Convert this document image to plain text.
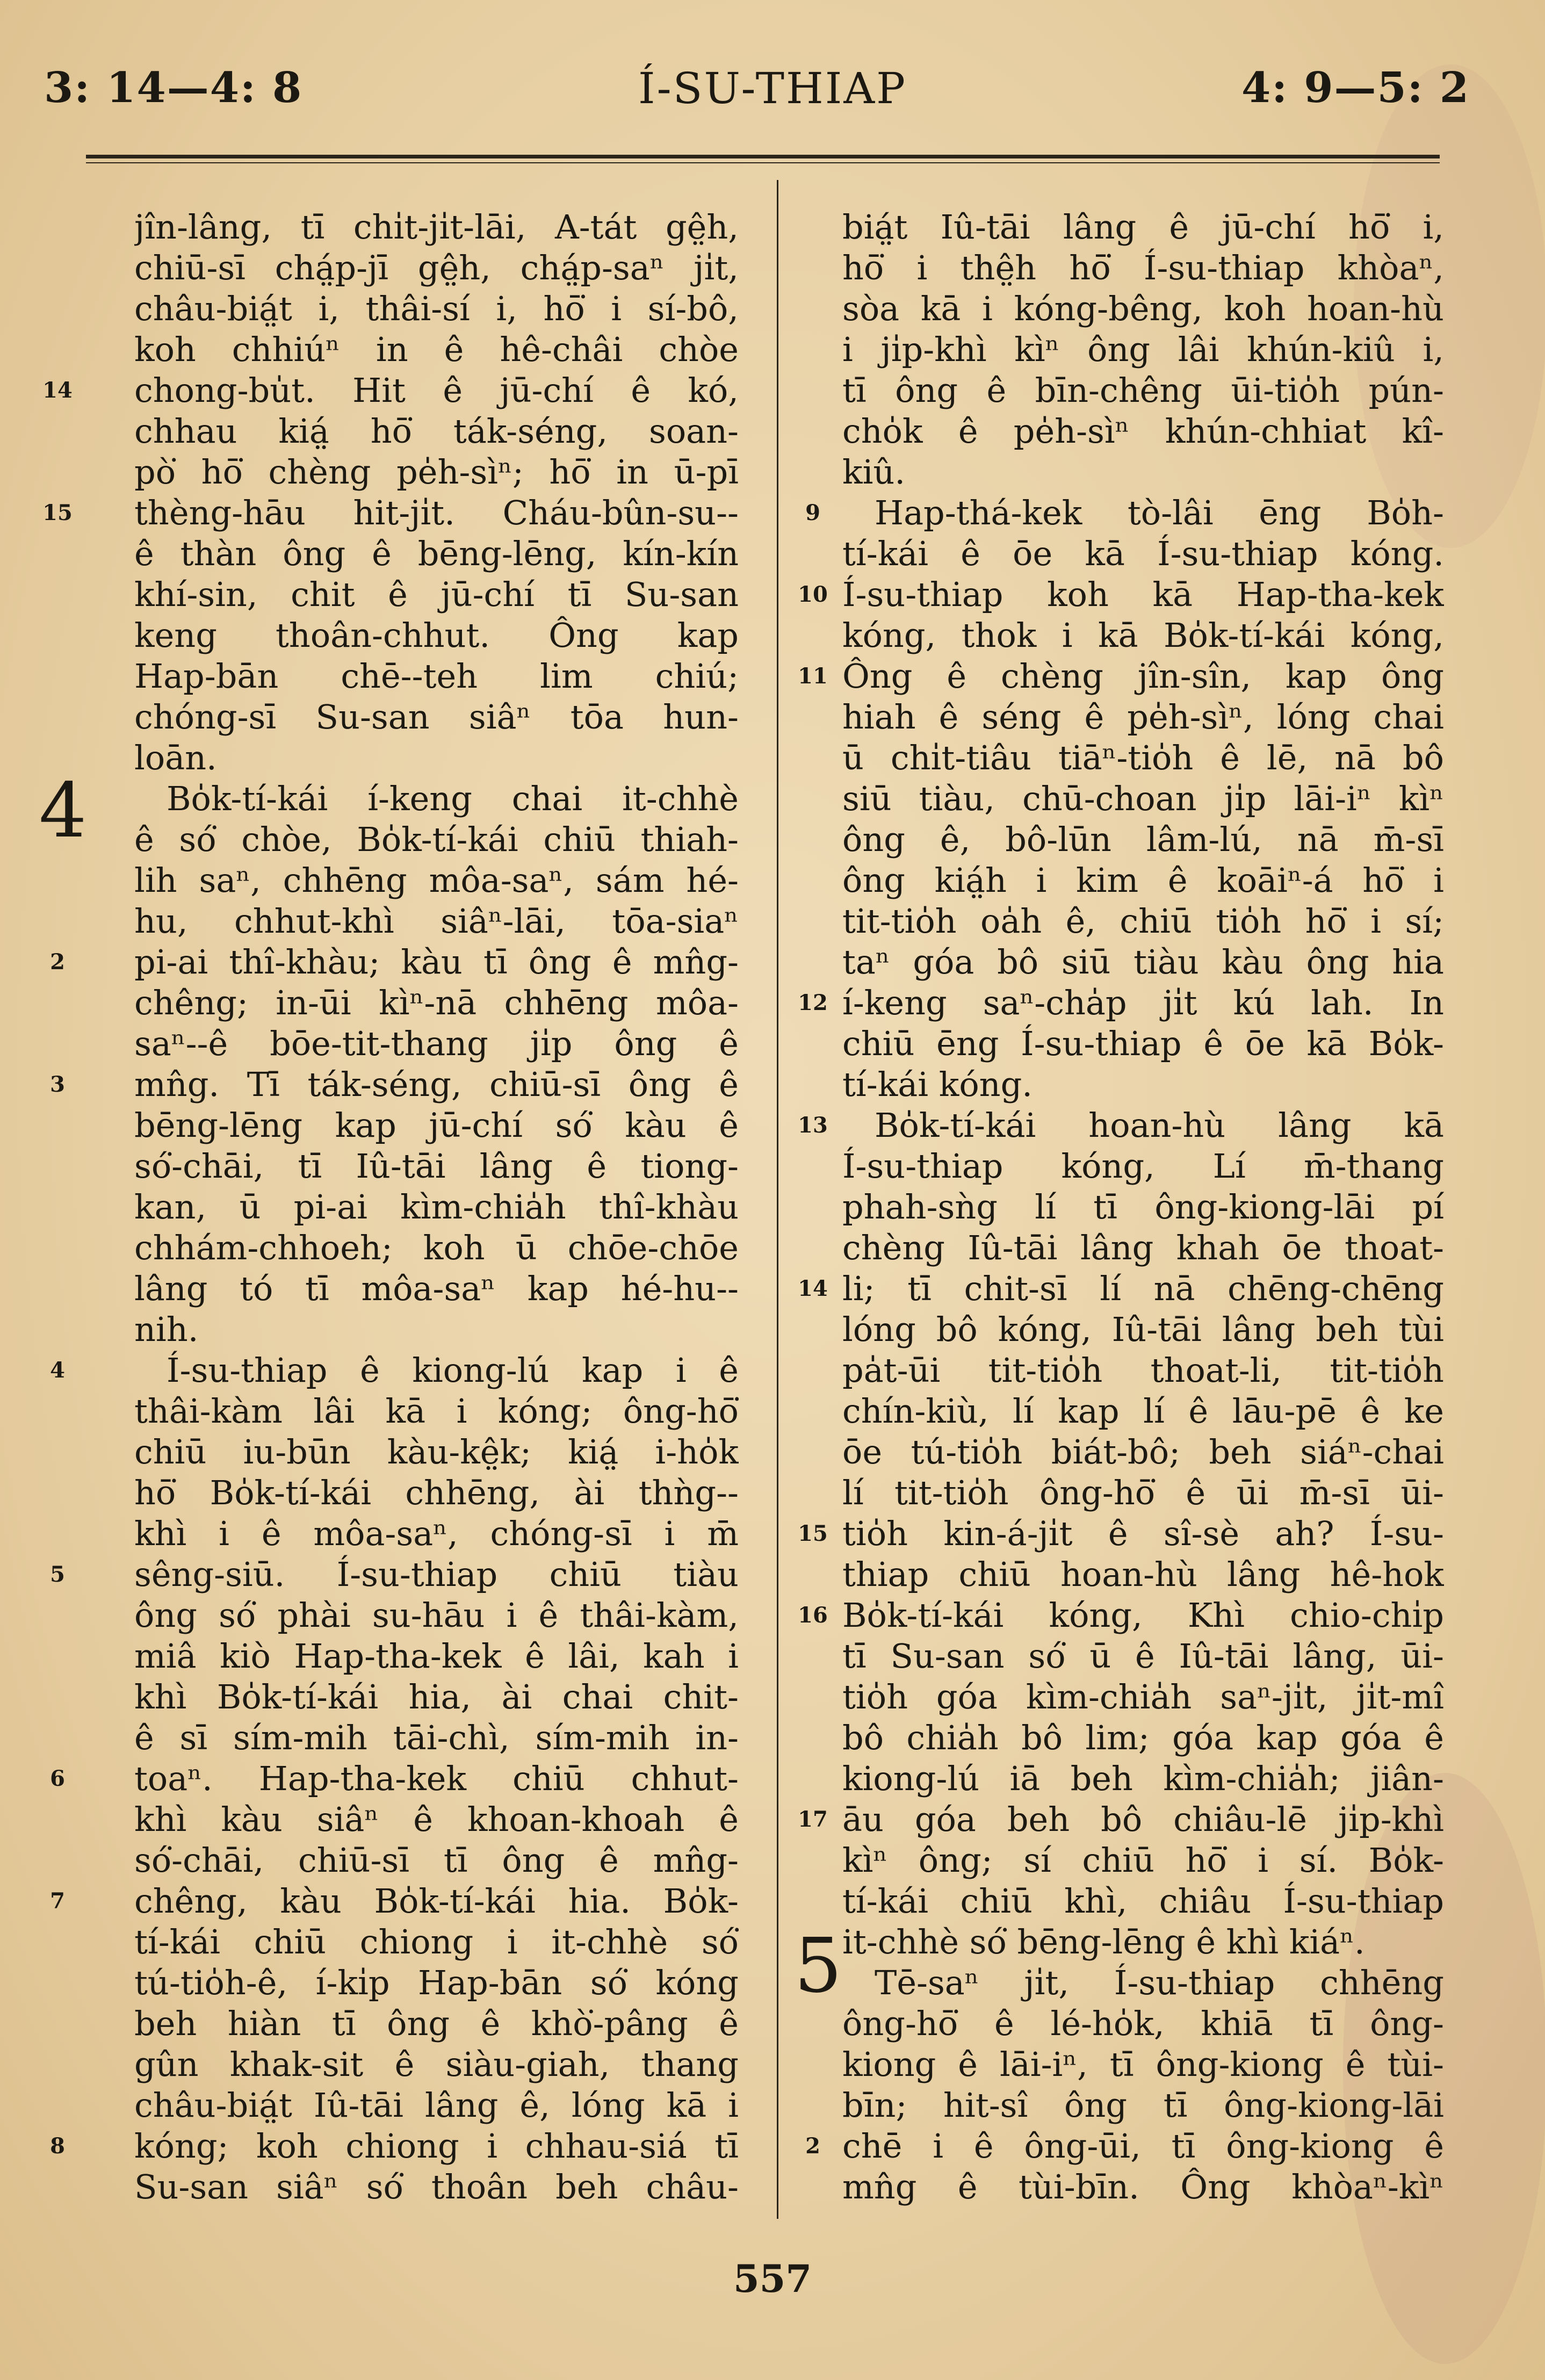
3: 14—4: 8	Í-SU-THIAP	4: 9—5: 2
14
15
4
2
3
4
5
6
7
8
jîn-lâng, tī chi̍t-ji̍t-lāi, A-tát gê̤h,
chiū-sī chá̤p-jī gê̤h, chá̤p-saⁿ ji̍t,
châu-biá̤t i, thâi-sí i, hō͘ i sí-bô,
koh chhiúⁿ in ê hê-châi chòe
chong-bu̍t. Hit ê jū-chí ê kó,
chhau kiá̤ hō͘ ták-séng, soan-
pò͘ hō͘ chèng pe̍h-sìⁿ; hō͘ in ū-pī
thèng-hāu hit-ji̍t. Cháu-bûn-su--
ê thàn ông ê bēng-lēng, kín-kín
khí-sin, chit ê jū-chí tī Su-san
keng thoân-chhut. Ông kap
Hap-bān chē--teh lim chiú;
chóng-sī Su-san siâⁿ tōa hun-
loān.
Bo̍k-tí-kái í-keng chai it-chhè
ê só͘ chòe, Bo̍k-tí-kái chiū thiah-
lih saⁿ, chhēng môa-saⁿ, sám hé-
hu, chhut-khì siâⁿ-lāi, tōa-siaⁿ
pi-ai thî-khàu; kàu tī ông ê mn̂g-
chêng; in-ūi kìⁿ-nā chhēng môa-
saⁿ--ê bōe-tit-thang ji̍p ông ê
mn̂g. Tī ták-séng, chiū-sī ông ê
bēng-lēng kap jū-chí só͘ kàu ê
só͘-chāi, tī Iû-tāi lâng ê tiong-
kan, ū pi-ai kìm-chia̍h thî-khàu
chhám-chhoeh; koh ū chōe-chōe
lâng tó tī môa-saⁿ kap hé-hu--
nih.
Í-su-thiap ê kiong-lú kap i ê
thâi-kàm lâi kā i kóng; ông-hō͘
chiū iu-būn kàu-kê̤k; kiá̤ i-ho̍k
hō͘ Bo̍k-tí-kái chhēng, ài thǹg--
khì i ê môa-saⁿ, chóng-sī i m̄
sêng-siū. Í-su-thiap chiū tiàu
ông só͘ phài su-hāu i ê thâi-kàm,
miâ kiò Hap-tha-kek ê lâi, kah i
khì Bo̍k-tí-kái hia, ài chai chit-
ê sī sím-mih tāi-chì, sím-mih in-
toaⁿ. Hap-tha-kek chiū chhut-
khì kàu siâⁿ ê khoan-khoah ê
só͘-chāi, chiū-sī tī ông ê mn̂g-
chêng, kàu Bo̍k-tí-kái hia. Bo̍k-
tí-kái chiū chiong i it-chhè só͘
tú-tio̍h-ê, í-ki̍p Hap-bān só͘ kóng
beh hiàn tī ông ê khò͘-pâng ê
gûn khak-sit ê siàu-giah, thang
châu-biá̤t Iû-tāi lâng ê, lóng kā i
kóng; koh chiong i chhau-siá tī
Su-san siâⁿ só͘ thoân beh châu-
9
10
11
12
13
14
15
16
17
5
2
biá̤t Iû-tāi lâng ê jū-chí hō͘ i,
hō͘ i thê̤h hō͘ Í-su-thiap khòaⁿ,
sòa kā i kóng-bêng, koh hoan-hù
i ji̍p-khì kìⁿ ông lâi khún-kiû i,
tī ông ê bīn-chêng ūi-tio̍h pún-
cho̍k ê pe̍h-sìⁿ khún-chhiat kî-
kiû.
Hap-thá-kek tò-lâi ēng Bo̍h-
tí-kái ê ōe kā Í-su-thiap kóng.
Í-su-thiap koh kā Hap-tha-kek
kóng, thok i kā Bo̍k-tí-kái kóng,
Ông ê chèng jîn-sîn, kap ông
hiah ê séng ê pe̍h-sìⁿ, lóng chai
ū chi̍t-tiâu tiāⁿ-tio̍h ê lē, nā bô
siū tiàu, chū-choan ji̍p lāi-iⁿ kìⁿ
ông ê, bô-lūn lâm-lú, nā m̄-sī
ông kiá̤h i kim ê koāiⁿ-á hō͘ i
tit-tio̍h oa̍h ê, chiū tio̍h hō͘ i sí;
taⁿ góa bô siū tiàu kàu ông hia
í-keng saⁿ-cha̍p ji̍t kú lah. In
chiū ēng Í-su-thiap ê ōe kā Bo̍k-
tí-kái kóng.
Bo̍k-tí-kái hoan-hù lâng kā
Í-su-thiap kóng, Lí m̄-thang
phah-sǹg lí tī ông-kiong-lāi pí
chèng Iû-tāi lâng khah ōe thoat-
li; tī chit-sī lí nā chēng-chēng
lóng bô kóng, Iû-tāi lâng beh tùi
pa̍t-ūi tit-tio̍h thoat-li, tit-tio̍h
chín-kiù, lí kap lí ê lāu-pē ê ke
ōe tú-tio̍h biát-bô; beh siáⁿ-chai
lí tit-tio̍h ông-hō͘ ê ūi m̄-sī ūi-
tio̍h kin-á-ji̍t ê sî-sè ah? Í-su-
thiap chiū hoan-hù lâng hê-hok
Bo̍k-tí-kái kóng, Khì chio-chi̍p
tī Su-san só͘ ū ê Iû-tāi lâng, ūi-
tio̍h góa kìm-chia̍h saⁿ-ji̍t, ji̍t-mî
bô chia̍h bô lim; góa kap góa ê
kiong-lú iā beh kìm-chia̍h; jiân-
āu góa beh bô chiâu-lē ji̍p-khì
kìⁿ ông; sí chiū hō͘ i sí. Bo̍k-
tí-kái chiū khì, chiâu Í-su-thiap
it-chhè só͘ bēng-lēng ê khì kiáⁿ.
Tē-saⁿ ji̍t, Í-su-thiap chhēng
ông-hō͘ ê lé-ho̍k, khiā tī ông-
kiong ê lāi-iⁿ, tī ông-kiong ê tùi-
bīn; hit-sî ông tī ông-kiong-lāi
chē i ê ông-ūi, tī ông-kiong ê
mn̂g ê tùi-bīn. Ông khòaⁿ-kìⁿ
557
